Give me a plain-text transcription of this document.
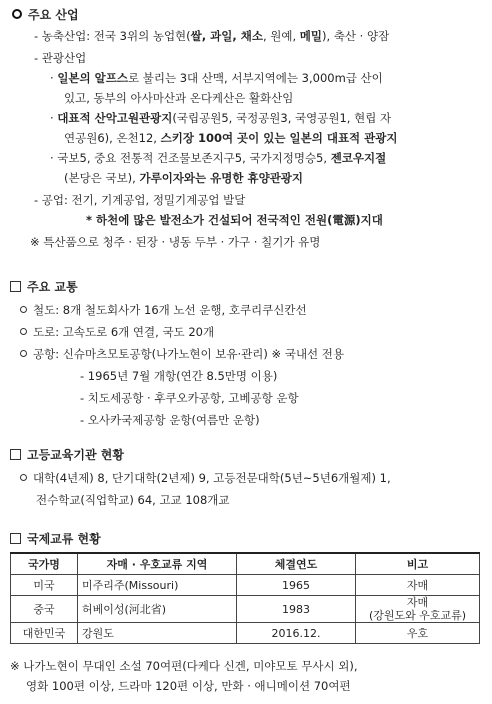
주요 산업
- 농축산업: 전국 3위의 농업현(쌀, 과일, 채소, 원예, 메밀), 축산 · 양잠
- 관광산업
· 일본의 알프스로 불리는 3대 산맥, 서부지역에는 3,000m급 산이
있고, 동부의 아사마산과 온다케산은 활화산임
· 대표적 산악고원관광지(국립공원5, 국정공원3, 국영공원1, 현립 자
연공원6), 온천12, 스키장 100여 곳이 있는 일본의 대표적 관광지
· 국보5, 중요 전통적 건조물보존지구5, 국가지정명승5, 젠코우지절
(본당은 국보), 가루이자와는 유명한 휴양관광지
- 공업: 전기, 기계공업, 정밀기계공업 발달
* 하천에 많은 발전소가 건설되어 전국적인 전원(電源)지대
※ 특산품으로 청주 · 된장 · 냉동 두부 · 가구 · 칠기가 유명
주요 교통
철도: 8개 철도회사가 16개 노선 운행, 호쿠리쿠신칸선
도로: 고속도로 6개 연결, 국도 20개
공항: 신슈마츠모토공항(나가노현이 보유·관리) ※ 국내선 전용
- 1965년 7월 개항(연간 8.5만명 이용)
- 치도세공항 · 후쿠오카공항, 고베공항 운항
- 오사카국제공항 운항(여름만 운항)
고등교육기관 현황
대학(4년제) 8, 단기대학(2년제) 9, 고등전문대학(5년~5년6개월제) 1,
전수학교(직업학교) 64, 고교 108개교
국제교류 현황
국가명	자매 · 우호교류 지역	체결연도	비고
미국	미주리주(Missouri)	1965	자매
중국	허베이성(河北省)	1983	자매
(강원도와 우호교류)

대한민국	강원도	2016.12.	우호
※ 나가노현이 무대인 소설 70여편(다케다 신겐, 미야모토 무사시 외),
영화 100편 이상, 드라마 120편 이상, 만화 · 애니메이션 70여편
